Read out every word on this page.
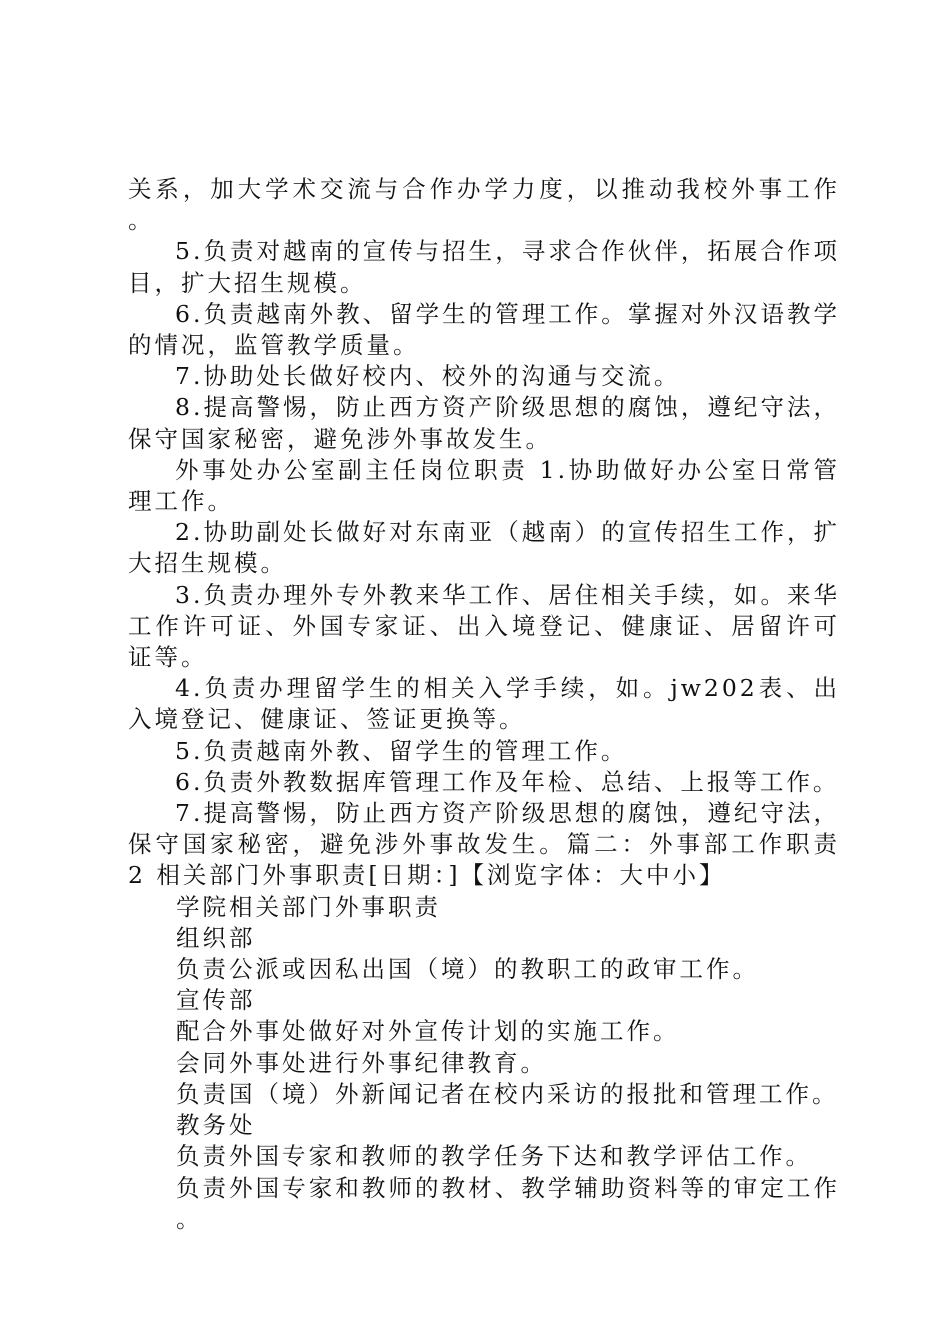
关系，加大学术交流与合作办学力度，以推动我校外事工作。

5.负责对越南的宣传与招生，寻求合作伙伴，拓展合作项目，扩大招生规模。

6.负责越南外教、留学生的管理工作。掌握对外汉语教学的情况，监管教学质量。

7.协助处长做好校内、校外的沟通与交流。

8.提高警惕，防止西方资产阶级思想的腐蚀，遵纪守法，保守国家秘密，避免涉外事故发生。

外事处办公室副主任岗位职责 1.协助做好办公室日常管理工作。

2.协助副处长做好对东南亚（越南）的宣传招生工作，扩大招生规模。

3.负责办理外专外教来华工作、居住相关手续，如。来华工作许可证、外国专家证、出入境登记、健康证、居留许可证等。

4.负责办理留学生的相关入学手续，如。jw202表、出入境登记、健康证、签证更换等。

5.负责越南外教、留学生的管理工作。

6.负责外教数据库管理工作及年检、总结、上报等工作。

7.提高警惕，防止西方资产阶级思想的腐蚀，遵纪守法，保守国家秘密，避免涉外事故发生。篇二：外事部工作职责 2 相关部门外事职责[日期：]【浏览字体：大中小】

学院相关部门外事职责

组织部

负责公派或因私出国（境）的教职工的政审工作。

宣传部

配合外事处做好对外宣传计划的实施工作。

会同外事处进行外事纪律教育。

负责国（境）外新闻记者在校内采访的报批和管理工作。

教务处

负责外国专家和教师的教学任务下达和教学评估工作。

负责外国专家和教师的教材、教学辅助资料等的审定工作。
